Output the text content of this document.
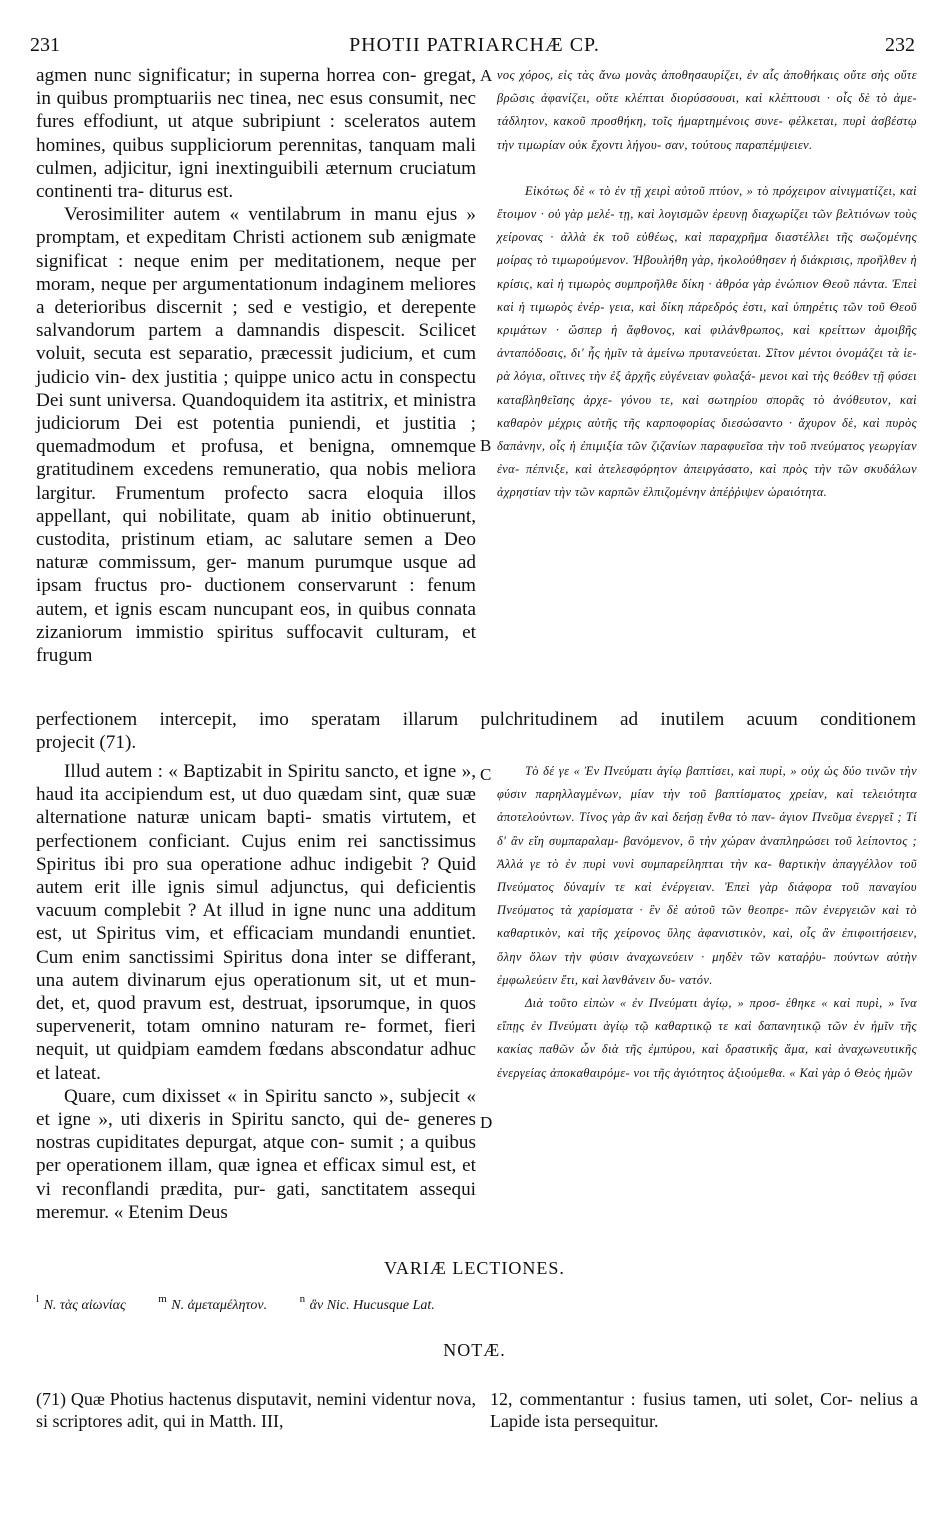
231	PHOTII PATRIARCHÆ CP.	232

agmen nunc significatur; in superna horrea con- gregat, in quibus promptuariis nec tinea, nec esus consumit, nec fures effodiunt, ut atque subripiunt : sceleratos autem homines, quibus suppliciorum perennitas, tanquam mali culmen, adjicitur, igni inextinguibili æternum cruciatum continenti tra- diturus est.

Verosimiliter autem « ventilabrum in manu ejus » promptam, et expeditam Christi actionem sub ænigmate significat : neque enim per meditationem, neque per moram, neque per argumentationum indaginem meliores a deterioribus discernit ; sed e vestigio, et derepente salvandorum partem a damnandis dispescit. Scilicet voluit, secuta est separatio, præcessit judicium, et cum judicio vin- dex justitia ; quippe unico actu in conspectu Dei sunt universa. Quandoquidem ita astitrix, et ministra judiciorum Dei est potentia puniendi, et justitia ; quemadmodum et profusa, et benigna, omnemque gratitudinem excedens remuneratio, qua nobis meliora largitur. Frumentum profecto sacra eloquia illos appellant, qui nobilitate, quam ab initio obtinuerunt, custodita, pristinum etiam, ac salutare semen a Deo naturæ commissum, ger- manum purumque usque ad ipsam fructus pro- ductionem conservarunt : fenum autem, et ignis escam nuncupant eos, in quibus connata zizaniorum immistio spiritus suffocavit culturam, et frugum

νος χόρος, εἰς τὰς ἄνω μονὰς ἀποθησαυρίζει, ἐν αἷς ἀποθήκαις οὔτε σὴς οὔτε βρῶσις ἀφανίζει, οὔτε κλέπται διορύσσουσι, καὶ κλέπτουσι · οἷς δὲ τὸ ἀμε- τάδλητον, κακοῦ προσθήκη, τοῖς ἡμαρτημένοις συνε- φέλκεται, πυρὶ ἀσβέστῳ τὴν τιμωρίαν οὐκ ἔχοντι λήγου- σαν, τούτους παραπέμψειεν.

Εἰκότως δὲ « τὸ ἐν τῇ χειρὶ αὐτοῦ πτύον, » τὸ πρόχειρον αἰνιγματίζει, καὶ ἕτοιμον · οὐ γὰρ μελέ- τῃ, καὶ λογισμῶν ἐρευνῃ διαχωρίζει τῶν βελτιόνων τοὺς χείρονας · ἀλλὰ ἐκ τοῦ εὐθέως, καὶ παραχρῆμα διαστέλλει τῆς σωζομένης μοίρας τὸ τιμωρούμενον. Ἠβουλήθη γὰρ, ἠκολούθησεν ἡ διάκρισις, προῆλθεν ἡ κρίσις, καὶ ἡ τιμωρὸς συμπροῆλθε δίκη · ἀθρόα γὰρ ἐνώπιον Θεοῦ πάντα. Ἐπεὶ καὶ ἡ τιμωρὸς ἐνέρ- γεια, καὶ δίκη πάρεδρός ἐστι, καὶ ὑπηρέτις τῶν τοῦ Θεοῦ κριμάτων · ὥσπερ ἡ ἄφθονος, καὶ φιλάνθρωπος, καὶ κρείττων ἀμοιβῆς ἀνταπόδοσις, δι' ἧς ἡμῖν τὰ ἀμείνω πρυτανεύεται. Σῖτον μέντοι ὀνομάζει τὰ ἱε- ρὰ λόγια, οἵτινες τὴν ἐξ ἀρχῆς εὐγένειαν φυλαξά- μενοι καὶ τὴς θεόθεν τῇ φύσει καταβληθεῖσης ἀρχε- γόνου τε, καὶ σωτηρίου σπορᾶς τὸ ἀνόθευτον, καὶ καθαρὸν μέχρις αὐτῆς τῆς καρποφορίας διεσώσαντο · ἄχυρον δὲ, καὶ πυρὸς δαπάνην, οἷς ἡ ἐπιμιξία τῶν ζιζανίων παραφυεῖσα τὴν τοῦ πνεύματος γεωργίαν ἐνα- πέπνιξε, καὶ ἀτελεσφόρητον ἀπειργάσατο, καὶ πρὸς τὴν τῶν σκυδάλων ἀχρηστίαν τὴν τῶν καρπῶν ἐλπιζομένην ἀπέῤῥιψεν ὡραιότητα.

A
B
C
D
perfectionem intercepit, imo speratam illarum pulchritudinem ad inutilem acuum conditionem
projecit (71).

Illud autem : « Baptizabit in Spiritu sancto, et igne », haud ita accipiendum est, ut duo quædam sint, quæ suæ alternatione naturæ unicam bapti- smatis virtutem, et perfectionem conficiant. Cujus enim rei sanctissimus Spiritus ibi pro sua operatione adhuc indigebit ? Quid autem erit ille ignis simul adjunctus, qui deficientis vacuum complebit ? At illud in igne nunc una additum est, ut Spiritus vim, et efficaciam mundandi enuntiet. Cum enim sanctissimi Spiritus dona inter se differant, una autem divinarum ejus operationum sit, ut et mun- det, et, quod pravum est, destruat, ipsorumque, in quos supervenerit, totam omnino naturam re- formet, fieri nequit, ut quidpiam eamdem fœdans abscondatur adhuc et lateat.

Quare, cum dixisset « in Spiritu sancto », subjecit « et igne », uti dixeris in Spiritu sancto, qui de- generes nostras cupiditates depurgat, atque con- sumit ; a quibus per operationem illam, quæ ignea et efficax simul est, et vi reconflandi prædita, pur- gati, sanctitatem assequi meremur. « Etenim Deus

Τὸ δέ γε « Ἐν Πνεύματι ἁγίῳ βαπτίσει, καὶ πυρὶ, » οὐχ ὡς δύο τινῶν τὴν φύσιν παρηλλαγμένων, μίαν τὴν τοῦ βαπτίσματος χρείαν, καὶ τελειότητα ἀποτελούντων. Τίνος γὰρ ἂν καὶ δεήσῃ ἔνθα τὸ παν- άγιον Πνεῦμα ἐνεργεῖ ; Τί δ' ἂν εἴη συμπαραλαμ- βανόμενον, ὃ τὴν χώραν ἀναπληρώσει τοῦ λείποντος ; Ἀλλά γε τὸ ἐν πυρὶ νυνὶ συμπαρείληπται τὴν κα- θαρτικὴν ἀπαγγέλλον τοῦ Πνεύματος δύναμίν τε καὶ ἐνέργειαν. Ἐπεὶ γὰρ διάφορα τοῦ παναγίου Πνεύματος τὰ χαρίσματα · ἓν δὲ αὐτοῦ τῶν θεοπρε- πῶν ἐνεργειῶν καὶ τὸ καθαρτικὸν, καὶ τῆς χείρονος ὕλης ἀφανιστικὸν, καὶ, οἷς ἂν ἐπιφοιτήσειεν, ὅλην ὅλων τὴν φύσιν ἀναχωνεύειν · μηδὲν τῶν καταῤῥυ- πούντων αὐτὴν ἐμφωλεύειν ἔτι, καὶ λανθάνειν δυ- νατόν.

Διὰ τοῦτο εἰπὼν « ἐν Πνεύματι ἁγίῳ, » προσ- έθηκε « καὶ πυρὶ, » ἵνα εἴπῃς ἐν Πνεύματι ἁγίῳ τῷ καθαρτικῷ τε καὶ δαπανητικῷ τῶν ἐν ἡμῖν τῆς κακίας παθῶν ὧν διὰ τῆς ἐμπύρου, καὶ δραστικῆς ἅμα, καὶ ἀναχωνευτικῆς ἐνεργείας ἀποκαθαιρόμε- νοι τῆς ἁγιότητος ἀξιούμεθα. « Καὶ γὰρ ὁ Θεὸς ἡμῶν

VARIÆ LECTIONES.
$^l$ N. τὰς αἰωνίας	$^m$ N. ἀμεταμέλητον.	$^n$ ἂν Nic. Hucusque Lat.
NOTÆ.
(71) Quæ Photius hactenus disputavit, nemini videntur nova, si scriptores adit, qui in Matth. III,
12, commentantur : fusius tamen, uti solet, Cor- nelius a Lapide ista persequitur.
